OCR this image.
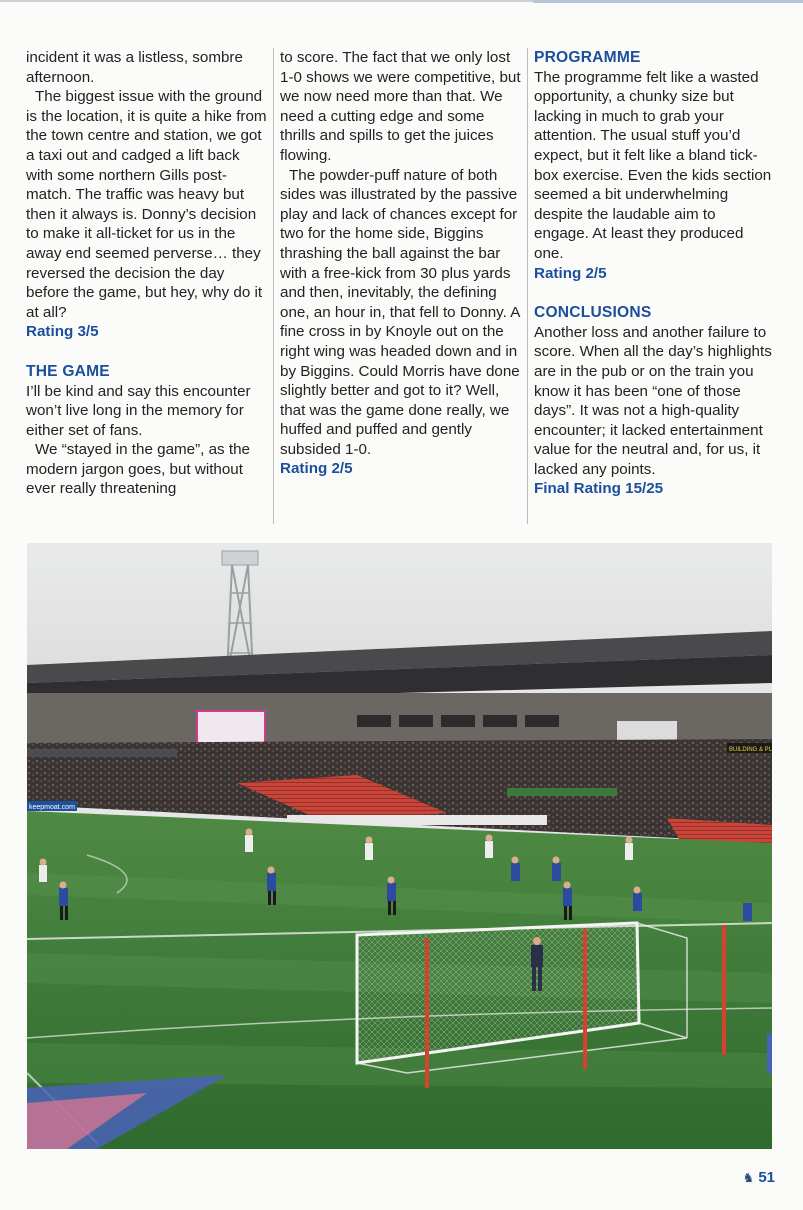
incident it was a listless, sombre afternoon.

The biggest issue with the ground is the location, it is quite a hike from the town centre and station, we got a taxi out and cadged a lift back with some northern Gills post-match. The traffic was heavy but then it always is. Donny’s decision to make it all-ticket for us in the away end seemed perverse… they reversed the decision the day before the game, but hey, why do it at all?

Rating 3/5

THE GAME

I’ll be kind and say this encounter won’t live long in the memory for either set of fans.

We “stayed in the game”, as the modern jargon goes, but without ever really threatening

to score. The fact that we only lost 1-0 shows we were competitive, but we now need more than that. We need a cutting edge and some thrills and spills to get the juices flowing.

The powder-puff nature of both sides was illustrated by the passive play and lack of chances except for two for the home side, Biggins thrashing the ball against the bar with a free-kick from 30 plus yards and then, inevitably, the defining one, an hour in, that fell to Donny. A fine cross in by Knoyle out on the right wing was headed down and in by Biggins. Could Morris have done slightly better and got to it? Well, that was the game done really, we huffed and puffed and gently subsided 1-0.

Rating 2/5

PROGRAMME

The programme felt like a wasted opportunity, a chunky size but lacking in much to grab your attention. The usual stuff you’d expect, but it felt like a bland tick-box exercise. Even the kids section seemed a bit underwhelming despite the laudable aim to engage. At least they produced one.

Rating 2/5

CONCLUSIONS

Another loss and another failure to score. When all the day’s highlights are in the pub or on the train you know it has been “one of those days”. It was not a high-quality encounter; it lacked entertainment value for the neutral and, for us, it lacked any points.

Final Rating 15/25

keepmoat.com
BUILDING & PL
♞ 51
